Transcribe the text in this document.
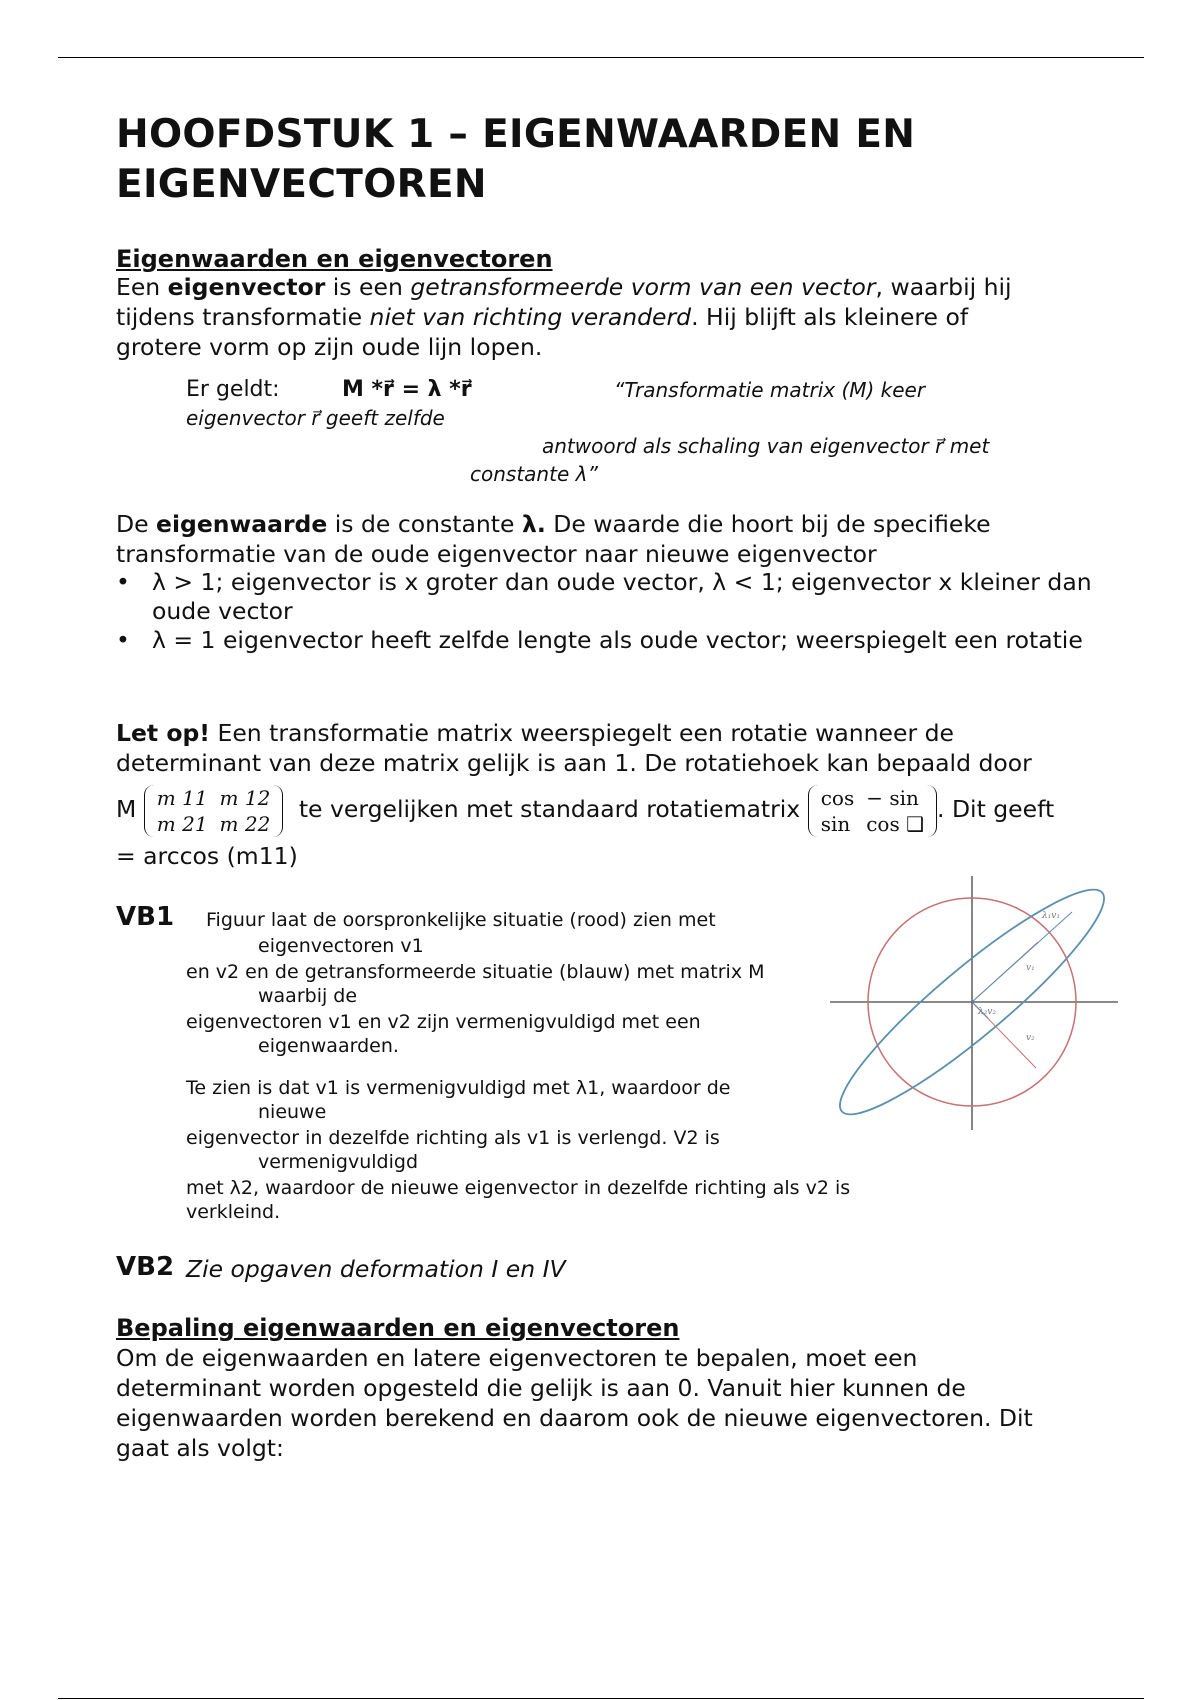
HOOFDSTUK 1 – EIGENWAARDEN EN
EIGENVECTOREN
Eigenwaarden en eigenvectoren
Een eigenvector is een getransformeerde vorm van een vector, waarbij hij
tijdens transformatie niet van richting veranderd. Hij blijft als kleinere of
grotere vorm op zijn oude lijn lopen.
Er geldt:	M *r⃗ = λ *r⃗	“Transformatie matrix (M) keer
eigenvector r⃗ geeft zelfde
antwoord als schaling van eigenvector r⃗ met
constante λ”
De eigenwaarde is de constante λ. De waarde die hoort bij de specifieke
transformatie van de oude eigenvector naar nieuwe eigenvector
• λ > 1; eigenvector is x groter dan oude vector, λ < 1; eigenvector x kleiner dan oude vector
• λ = 1 eigenvector heeft zelfde lengte als oude vector; weerspiegelt een rotatie
Let op! Een transformatie matrix weerspiegelt een rotatie wanneer de
determinant van deze matrix gelijk is aan 1. De rotatiehoek kan bepaald door
M m 11	m 12
m 21	m 22
te vergelijken met standaard rotatiematrix cos	− sin
sin	cos ❑
. Dit geeft
= arccos (m11)
VB1 Figuur laat de oorspronkelijke situatie (rood) zien met
eigenvectoren v1
en v2 en de getransformeerde situatie (blauw) met matrix M
waarbij de
eigenvectoren v1 en v2 zijn vermenigvuldigd met een
eigenwaarden.
Te zien is dat v1 is vermenigvuldigd met λ1, waardoor de
nieuwe
eigenvector in dezelfde richting als v1 is verlengd. V2 is
vermenigvuldigd
met λ2, waardoor de nieuwe eigenvector in dezelfde richting als v2 is
verkleind.
λ₁v₁
v₁
λ₂v₂
v₂
VB2 Zie opgaven deformation I en IV
Bepaling eigenwaarden en eigenvectoren
Om de eigenwaarden en latere eigenvectoren te bepalen, moet een
determinant worden opgesteld die gelijk is aan 0. Vanuit hier kunnen de
eigenwaarden worden berekend en daarom ook de nieuwe eigenvectoren. Dit
gaat als volgt:
